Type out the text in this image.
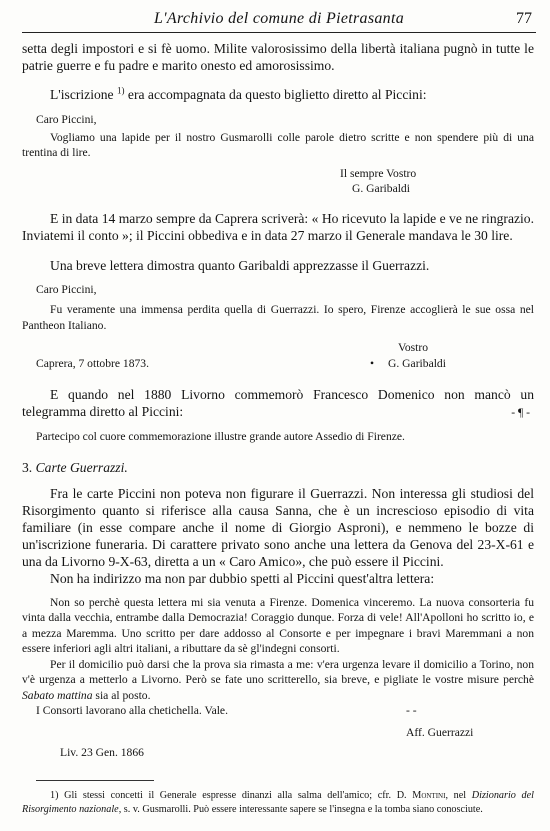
L'Archivio del comune di Pietrasanta	77

setta degli impostori e si fè uomo. Milite valorosissimo della libertà italiana pugnò in tutte le patrie guerre e fu padre e marito onesto ed amorosissimo.

L'iscrizione $^{1)}$ era accompagnata da questo biglietto diretto al Piccini:

Caro Piccini,

Vogliamo una lapide per il nostro Gusmarolli colle parole dietro scritte e non spendere più di una trentina di lire.

Il sempre Vostro

G. Garibaldi

E in data 14 marzo sempre da Caprera scriverà: « Ho ricevuto la lapide e ve ne ringrazio. Inviatemi il conto »; il Piccini obbediva e in data 27 marzo il Generale mandava le 30 lire.

Una breve lettera dimostra quanto Garibaldi apprezzasse il Guerrazzi.

Caro Piccini,

Fu veramente una immensa perdita quella di Guerrazzi. Io spero, Firenze accoglierà le sue ossa nel Pantheon Italiano.

Vostro

Caprera, 7 ottobre 1873.	• G. Garibaldi

E quando nel 1880 Livorno commemorò Francesco Domenico non mancò un telegramma diretto al Piccini:	- ¶ -

Partecipo col cuore commemorazione illustre grande autore Assedio di Firenze.

3. Carte Guerrazzi.

Fra le carte Piccini non poteva non figurare il Guerrazzi. Non interessa gli studiosi del Risorgimento quanto si riferisce alla causa Sanna, che è un increscioso episodio di vita familiare (in esse compare anche il nome di Giorgio Asproni), e nemmeno le bozze di un'iscrizione funeraria. Di carattere privato sono anche una lettera da Genova del 23-X-61 e una da Livorno 9-X-63, diretta a un « Caro Amico», che può essere il Piccini.

Non ha indirizzo ma non par dubbio spetti al Piccini quest'altra lettera:

Non so perchè questa lettera mi sia venuta a Firenze. Domenica vinceremo. La nuova consorteria fu vinta dalla vecchia, entrambe dalla Democrazia! Coraggio dunque. Forza di vele! All'Apolloni ho scritto io, e a mezza Maremma. Uno scritto per dare addosso al Consorte e per impegnare i bravi Maremmani a non essere inferiori agli altri italiani, a ributtare da sè gl'indegni consorti.

Per il domicilio può darsi che la prova sia rimasta a me: v'era urgenza levare il domicilio a Torino, non v'è urgenza a metterlo a Livorno. Però se fate uno scritterello, sia breve, e pigliate le vostre misure perchè Sabato mattina sia al posto.

I Consorti lavorano alla chetichella. Vale.	- -

Aff. Guerrazzi

Liv. 23 Gen. 1866

1) Gli stessi concetti il Generale espresse dinanzi alla salma dell'amico; cfr. D. Montini, nel Dizionario del Risorgimento nazionale, s. v. Gusmarolli. Può essere interessante sapere se l'insegna e la tomba siano conosciute.
